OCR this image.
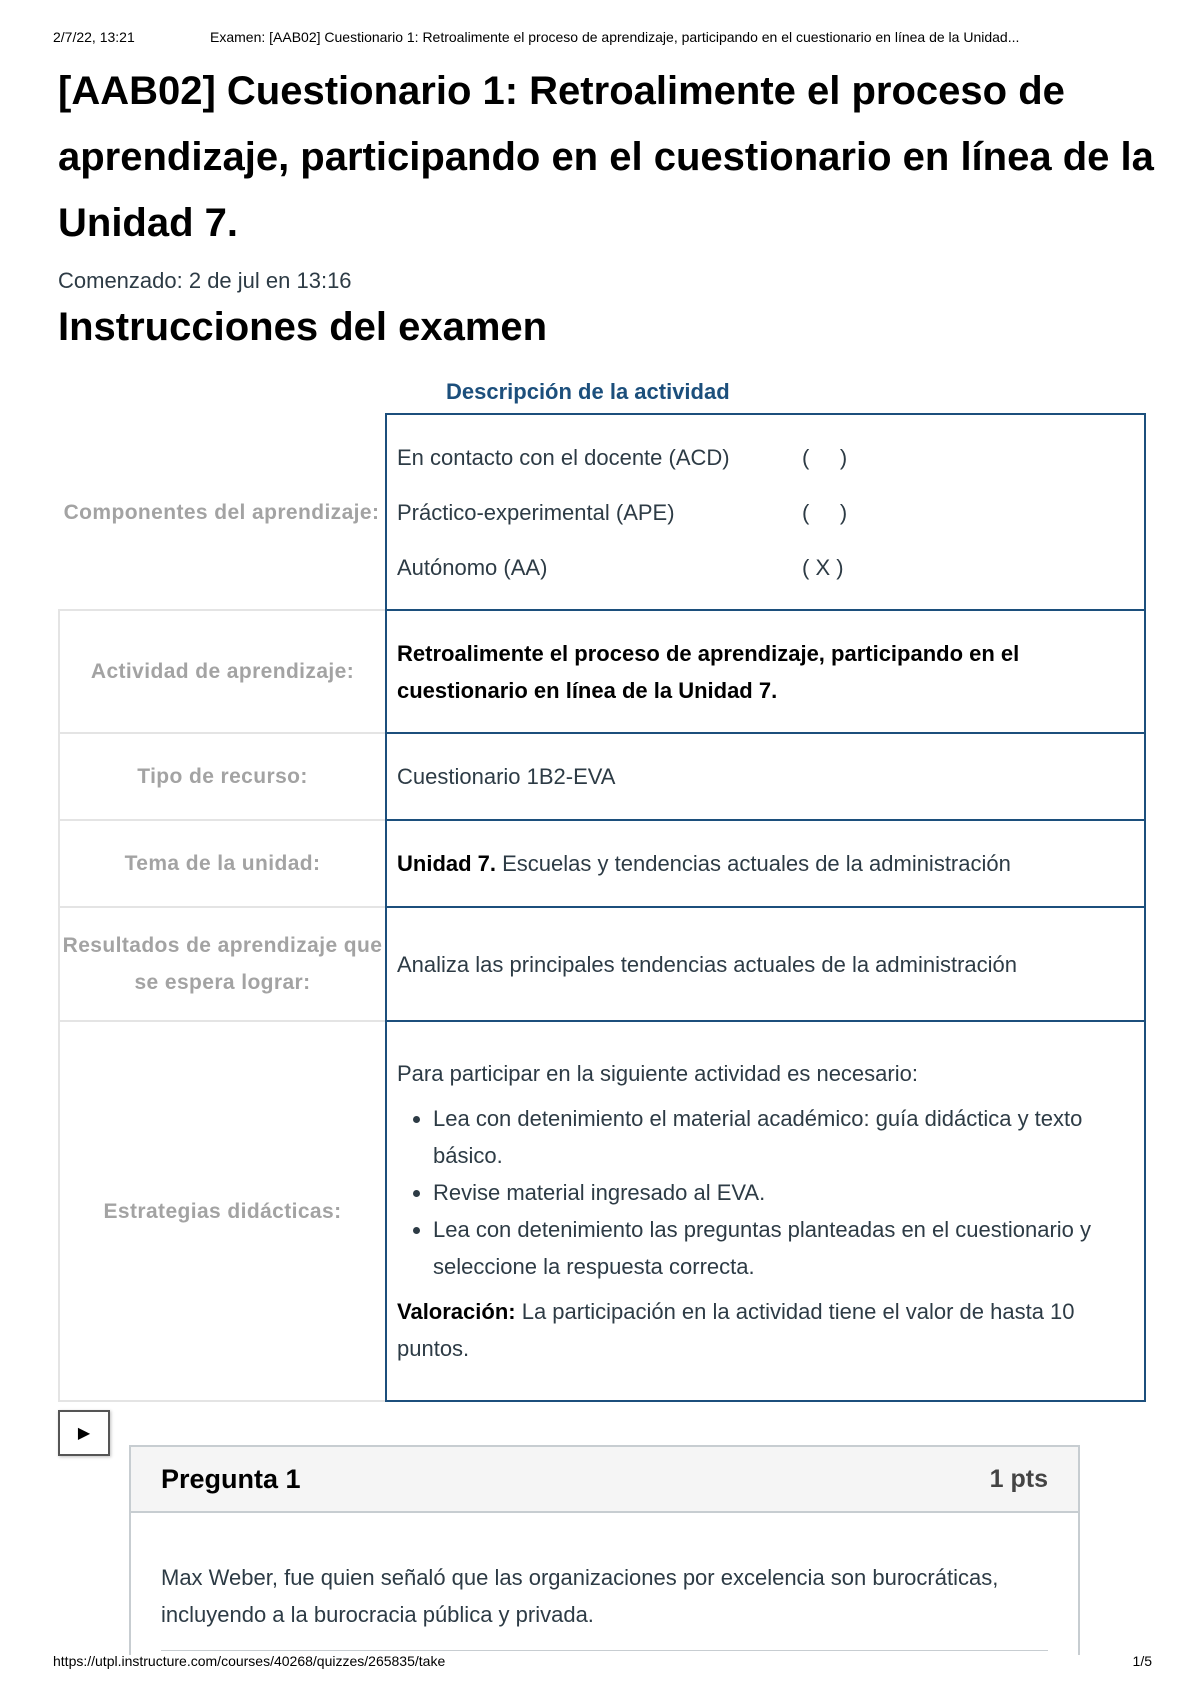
2/7/22, 13:21	Examen: [AAB02] Cuestionario 1: Retroalimente el proceso de aprendizaje, participando en el cuestionario en línea de la Unidad...
[AAB02] Cuestionario 1: Retroalimente el proceso de aprendizaje, participando en el cuestionario en línea de la Unidad 7.
Comenzado: 2 de jul en 13:16
Instrucciones del examen
Descripción de la actividad
Componentes del aprendizaje:
En contacto con el docente (ACD)	(     )
Práctico-experimental (APE)	(     )
Autónomo (AA)	( X )
Actividad de aprendizaje:
Retroalimente el proceso de aprendizaje, participando en el cuestionario en línea de la Unidad 7.
Tipo de recurso:	Cuestionario 1B2-EVA
Tema de la unidad:	Unidad 7. Escuelas y tendencias actuales de la administración

Resultados de aprendizaje que se espera lograr:
Analiza las principales tendencias actuales de la administración
Estrategias didácticas:

Para participar en la siguiente actividad es necesario:

• Lea con detenimiento el material académico: guía didáctica y texto básico.
• Revise material ingresado al EVA.
• Lea con detenimiento las preguntas planteadas en el cuestionario y seleccione la respuesta correcta.

Valoración: La participación en la actividad tiene el valor de hasta 10 puntos.

▶
Pregunta 1	1 pts
Max Weber, fue quien señaló que las organizaciones por excelencia son burocráticas, incluyendo a la burocracia pública y privada.
https://utpl.instructure.com/courses/40268/quizzes/265835/take	1/5
